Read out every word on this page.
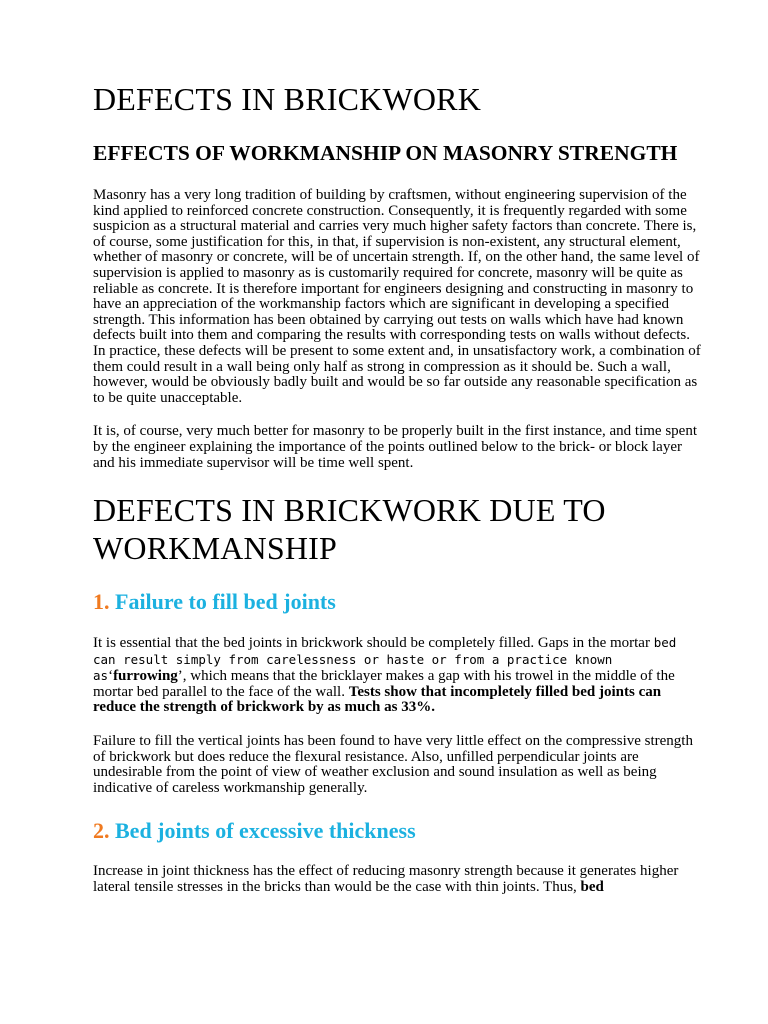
DEFECTS IN BRICKWORK
EFFECTS OF WORKMANSHIP ON MASONRY STRENGTH

Masonry has a very long tradition of building by craftsmen, without engineering supervision of the kind applied to reinforced concrete construction. Consequently, it is frequently regarded with some suspicion as a structural material and carries very much higher safety factors than concrete. There is, of course, some justification for this, in that, if supervision is non-existent, any structural element, whether of masonry or concrete, will be of uncertain strength. If, on the other hand, the same level of supervision is applied to masonry as is customarily required for concrete, masonry will be quite as reliable as concrete. It is therefore important for engineers designing and constructing in masonry to have an appreciation of the workmanship factors which are significant in developing a specified strength. This information has been obtained by carrying out tests on walls which have had known defects built into them and comparing the results with corresponding tests on walls without defects. In practice, these defects will be present to some extent and, in unsatisfactory work, a combination of them could result in a wall being only half as strong in compression as it should be. Such a wall, however, would be obviously badly built and would be so far outside any reasonable specification as to be quite unacceptable.

It is, of course, very much better for masonry to be properly built in the first instance, and time spent by the engineer explaining the importance of the points outlined below to the brick- or block layer and his immediate supervisor will be time well spent.

DEFECTS IN BRICKWORK DUE TO WORKMANSHIP
1. Failure to fill bed joints

It is essential that the bed joints in brickwork should be completely filled. Gaps in the mortar bed can result simply from carelessness or haste or from a practice known as‘furrowing’, which means that the bricklayer makes a gap with his trowel in the middle of the mortar bed parallel to the face of the wall. Tests show that incompletely filled bed joints can reduce the strength of brickwork by as much as 33%.

Failure to fill the vertical joints has been found to have very little effect on the compressive strength of brickwork but does reduce the flexural resistance. Also, unfilled perpendicular joints are undesirable from the point of view of weather exclusion and sound insulation as well as being indicative of careless workmanship generally.

2. Bed joints of excessive thickness

Increase in joint thickness has the effect of reducing masonry strength because it generates higher lateral tensile stresses in the bricks than would be the case with thin joints. Thus, bed
